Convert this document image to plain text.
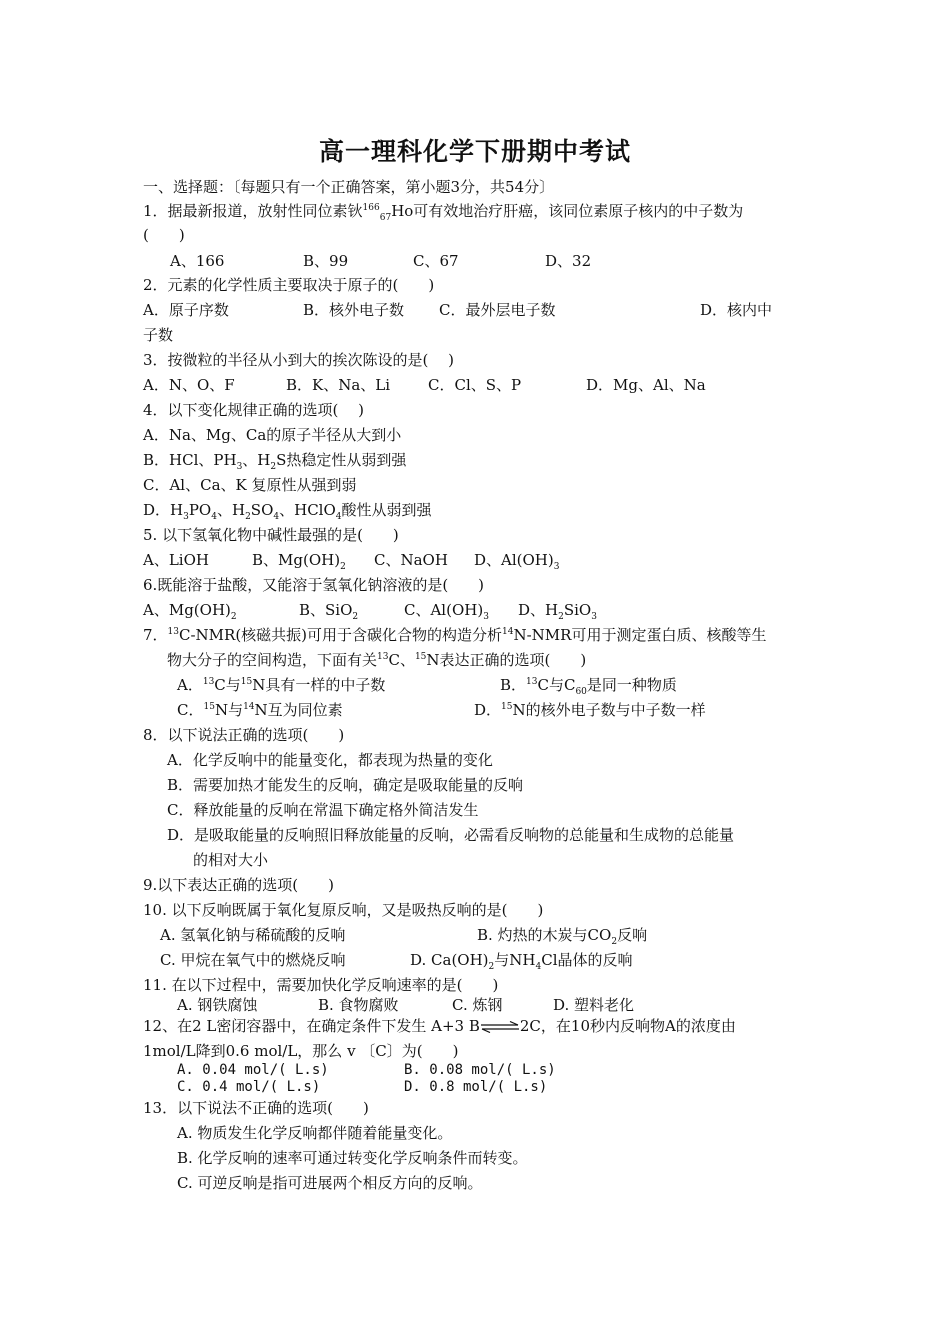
高一理科化学下册期中考试
一、选择题：〔每题只有一个正确答案，第小题3分，共54分〕
1．据最新报道，放射性同位素钬$^{166}_{67}$Ho可有效地治疗肝癌，该同位素原子核内的中子数为
(　　)
A、166	B、99	C、67	D、32
2．元素的化学性质主要取决于原子的(　　)
A．原子序数	B．核外电子数 C．最外层电子数	D．核内中
子数
3．按微粒的半径从小到大的挨次陈设的是(　 )
A．N、O、F	B．K、Na、Li	C．Cl、S、P	D．Mg、Al、Na
4．以下变化规律正确的选项(　 )
A．Na、Mg、Ca的原子半径从大到小
B．HCl、$PH_3$、$H_2S$热稳定性从弱到强
C．Al、Ca、K 复原性从强到弱
D．$H_3PO_4$、$H_2SO_4$、HClO$_4$酸性从弱到强
5. 以下氢氧化物中碱性最强的是(　　)
A、LiOH	B、$Mg(OH)_2$ C、NaOH D、$Al(OH)_3$
6.既能溶于盐酸，又能溶于氢氧化钠溶液的是(　　)
A、$Mg(OH)_2$	B、SiO$_2$	C、$Al(OH)_3$ D、$H_2SiO_3$
7．$^{13}$C-NMR(核磁共振)可用于含碳化合物的构造分析$^{14}$N-NMR可用于测定蛋白质、核酸等生
物大分子的空间构造，下面有关$^{13}$C、$^{15}$N表达正确的选项(　　)
A．$^{13}$C与$^{15}$N具有一样的中子数	B．$^{13}$C与$C_{60}$是同一种物质
C．$^{15}$N与$^{14}$N互为同位素	D．$^{15}$N的核外电子数与中子数一样
8．以下说法正确的选项(　　)
A．化学反响中的能量变化，都表现为热量的变化
B．需要加热才能发生的反响，确定是吸取能量的反响
C．释放能量的反响在常温下确定格外简洁发生
D．是吸取能量的反响照旧释放能量的反响，必需看反响物的总能量和生成物的总能量
的相对大小
9.以下表达正确的选项(　　)
10. 以下反响既属于氧化复原反响，又是吸热反响的是(　　)
A. 氢氧化钠与稀硫酸的反响	B. 灼热的木炭与$CO_2$反响
C. 甲烷在氧气中的燃烧反响	D. $Ca(OH)_2$与$NH_4Cl$晶体的反响
11. 在以下过程中，需要加快化学反响速率的是(　　)
A. 钢铁腐蚀	B. 食物腐败	C. 炼钢	D. 塑料老化
12、在2 L密闭容器中，在确定条件下发生 A+3 B⇌2C，在10秒内反响物A的浓度由
1mol/L降到0.6 mol/L，那么 v 〔C〕为(　　)
A. 0.04 mol/( L.s)	B. 0.08 mol/( L.s)
C. 0.4 mol/( L.s)	D. 0.8 mol/( L.s)
13．以下说法不正确的选项(　　)
A. 物质发生化学反响都伴随着能量变化。
B. 化学反响的速率可通过转变化学反响条件而转变。
C. 可逆反响是指可进展两个相反方向的反响。
